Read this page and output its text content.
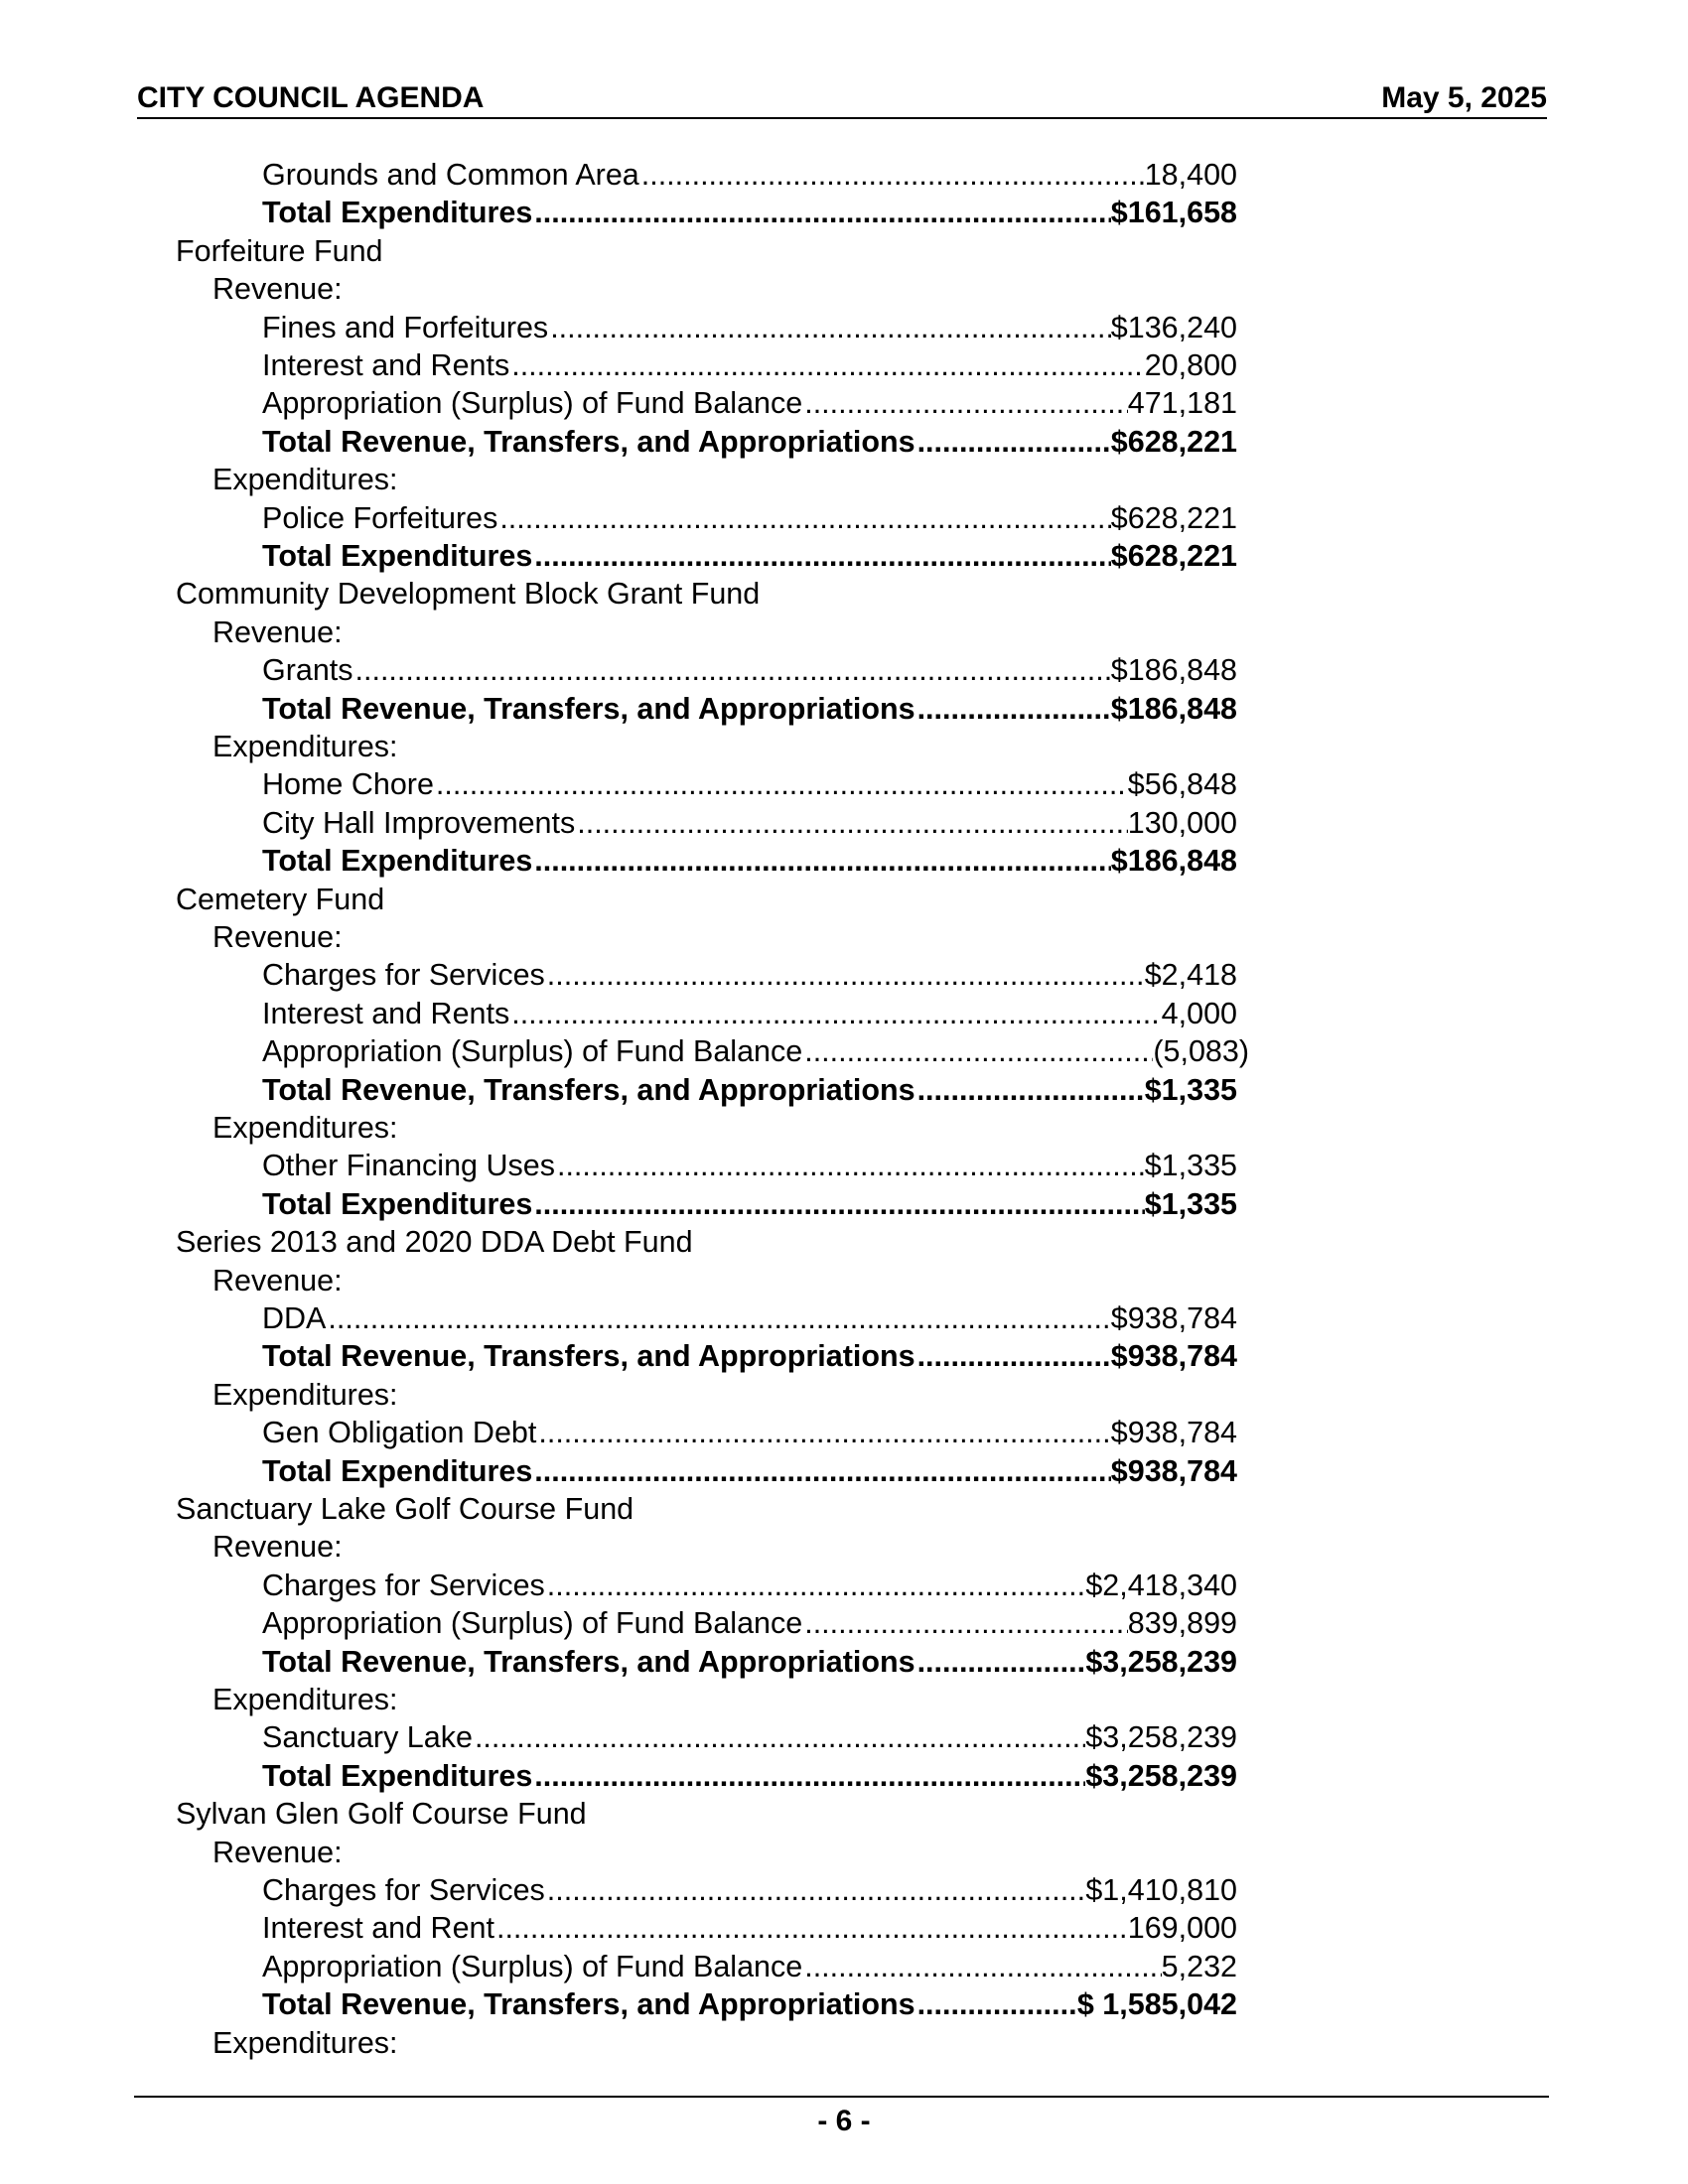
CITY COUNCIL AGENDA	May 5, 2025
Grounds and Common Area .....	18,400
Total Expenditures .....	$161,658
Forfeiture Fund
Revenue:
Fines and Forfeitures .....	$136,240
Interest and Rents .....	20,800
Appropriation (Surplus) of Fund Balance .....	471,181
Total Revenue, Transfers, and Appropriations .....	$628,221
Expenditures:
Police Forfeitures .....	$628,221
Total Expenditures .....	$628,221
Community Development Block Grant Fund
Revenue:
Grants .....	$186,848
Total Revenue, Transfers, and Appropriations .....	$186,848
Expenditures:
Home Chore .....	$56,848
City Hall Improvements .....	130,000
Total Expenditures .....	$186,848
Cemetery Fund
Revenue:
Charges for Services .....	$2,418
Interest and Rents .....	4,000
Appropriation (Surplus) of Fund Balance .....	(5,083)
Total Revenue, Transfers, and Appropriations .....	$1,335
Expenditures:
Other Financing Uses .....	$1,335
Total Expenditures .....	$1,335
Series 2013 and 2020 DDA Debt Fund
Revenue:
DDA .....	$938,784
Total Revenue, Transfers, and Appropriations .....	$938,784
Expenditures:
Gen Obligation Debt .....	$938,784
Total Expenditures .....	$938,784
Sanctuary Lake Golf Course Fund
Revenue:
Charges for Services .....	$2,418,340
Appropriation (Surplus) of Fund Balance .....	839,899
Total Revenue, Transfers, and Appropriations .....	$3,258,239
Expenditures:
Sanctuary Lake .....	$3,258,239
Total Expenditures .....	$3,258,239
Sylvan Glen Golf Course Fund
Revenue:
Charges for Services .....	$1,410,810
Interest and Rent .....	169,000
Appropriation (Surplus) of Fund Balance .....	5,232
Total Revenue, Transfers, and Appropriations .....	$ 1,585,042
Expenditures:
- 6 -
